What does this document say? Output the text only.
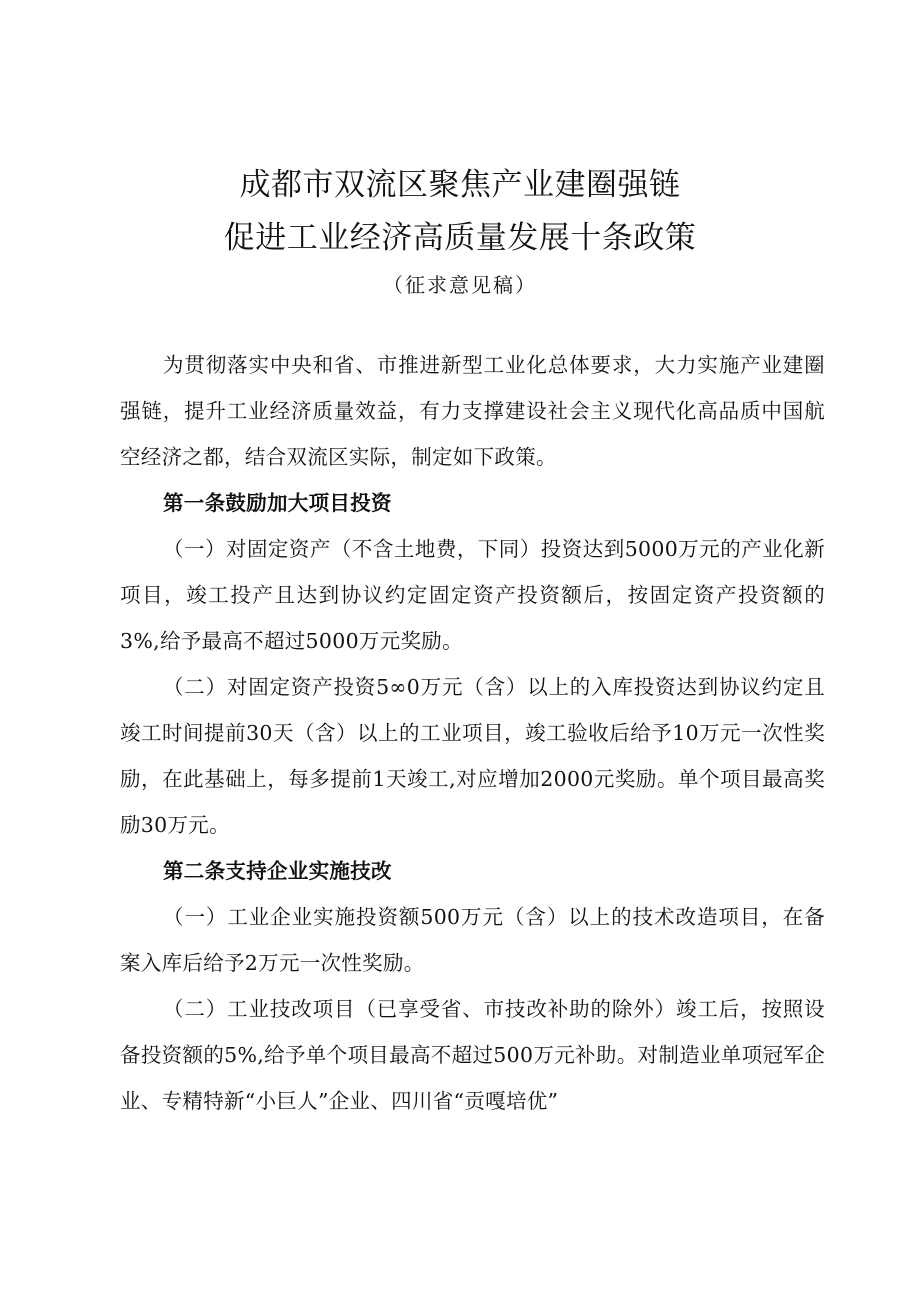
成都市双流区聚焦产业建圈强链
促进工业经济高质量发展十条政策
（征求意见稿）

为贯彻落实中央和省、市推进新型工业化总体要求，大力实施产业建圈强链，提升工业经济质量效益，有力支撑建设社会主义现代化高品质中国航空经济之都，结合双流区实际，制定如下政策。

第一条鼓励加大项目投资

（一）对固定资产（不含土地费，下同）投资达到5000万元的产业化新项目，竣工投产且达到协议约定固定资产投资额后，按固定资产投资额的3%,给予最高不超过5000万元奖励。

（二）对固定资产投资5∞0万元（含）以上的入库投资达到协议约定且竣工时间提前30天（含）以上的工业项目，竣工验收后给予10万元一次性奖励，在此基础上，每多提前1天竣工,对应增加2000元奖励。单个项目最高奖励30万元。

第二条支持企业实施技改

（一）工业企业实施投资额500万元（含）以上的技术改造项目，在备案入库后给予2万元一次性奖励。

（二）工业技改项目（已享受省、市技改补助的除外）竣工后，按照设备投资额的5%,给予单个项目最高不超过500万元补助。对制造业单项冠军企业、专精特新“小巨人”企业、四川省“贡嘎培优”
